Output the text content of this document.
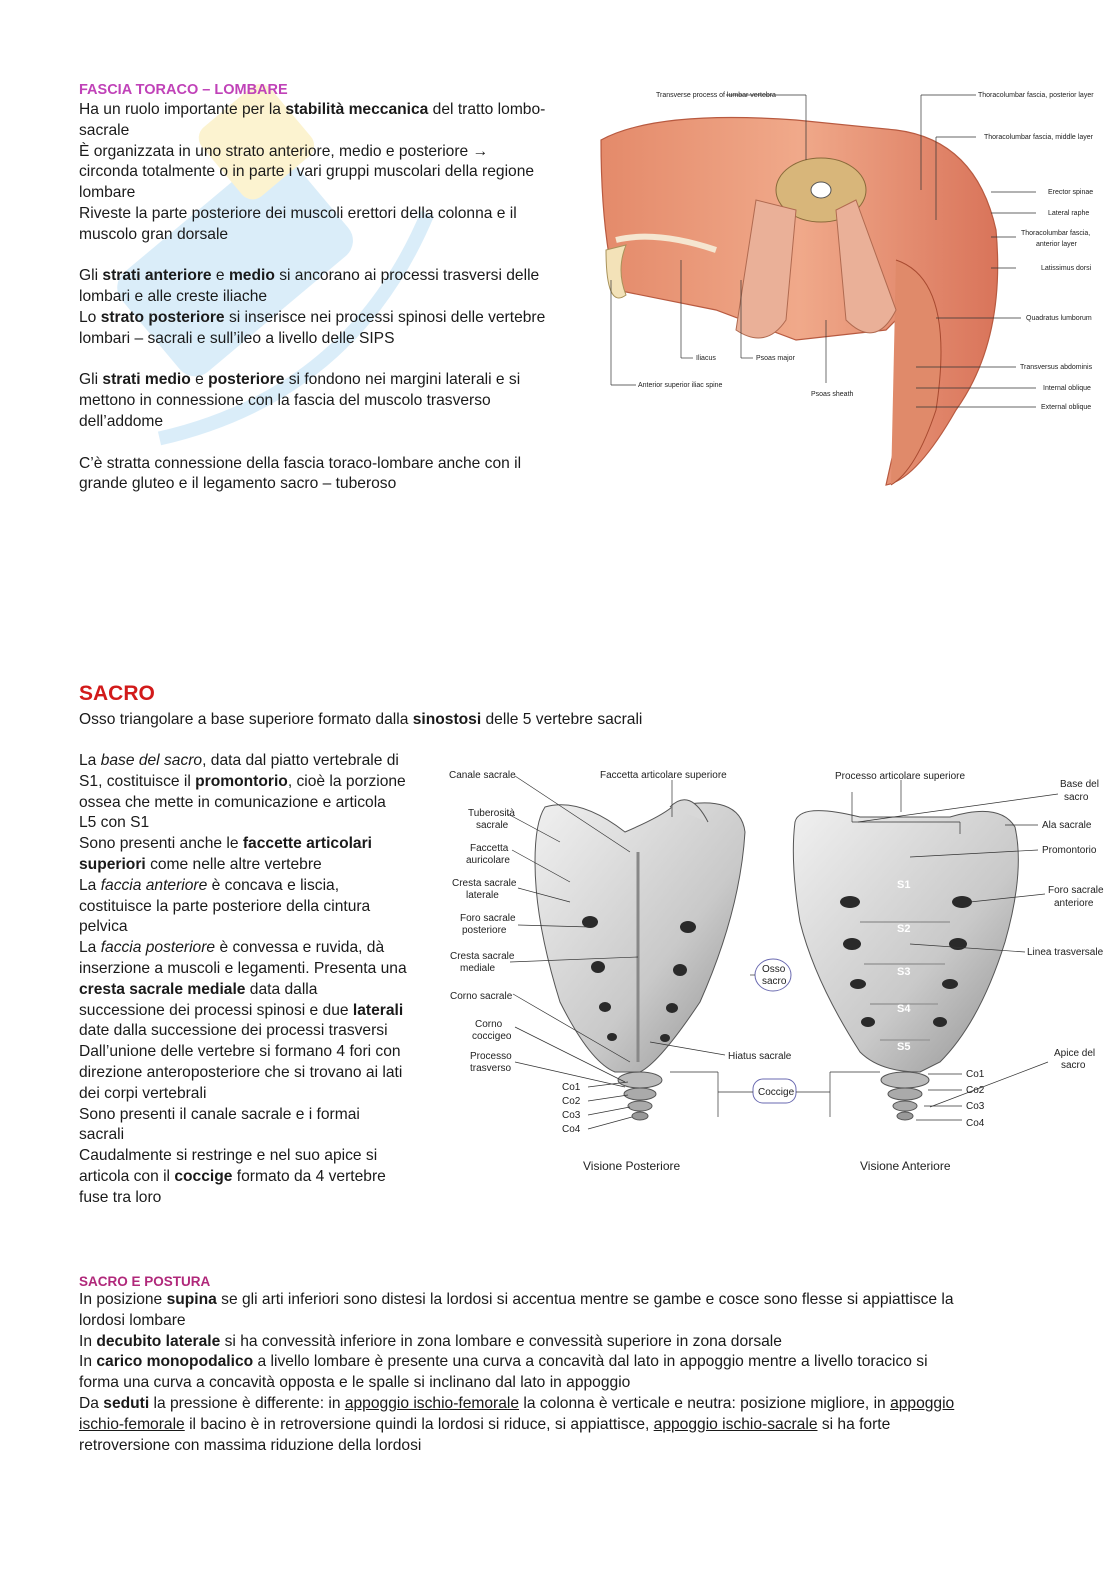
FASCIA TORACO – LOMBARE
Ha un ruolo importante per la stabilità meccanica del tratto lombo-
sacrale
È organizzata in uno strato anteriore, medio e posteriore →
circonda totalmente o in parte i vari gruppi muscolari della regione
lombare
Riveste la parte posteriore dei muscoli erettori della colonna e il
muscolo gran dorsale

Gli strati anteriore e medio si ancorano ai processi trasversi delle
lombari e alle creste iliache
Lo strato posteriore si inserisce nei processi spinosi delle vertebre
lombari – sacrali e sull’ileo a livello delle SIPS

Gli strati medio e posteriore si fondono nei margini laterali e si
mettono in connessione con la fascia del muscolo trasverso
dell’addome

C’è stratta connessione della fascia toraco-lombare anche con il
grande gluteo e il legamento sacro – tuberoso
Transverse process of lumbar vertebra	Thoracolumbar fascia, posterior layer
Thoracolumbar fascia, middle layer
Erector spinae
Lateral raphe
Thoracolumbar fascia,
anterior layer
Latissimus dorsi
Quadratus lumborum
Transversus abdominis
Internal oblique
External oblique
Iliacus	Psoas major
Anterior superior iliac spine
Psoas sheath
SACRO
Osso triangolare a base superiore formato dalla sinostosi delle 5 vertebre sacrali
La base del sacro, data dal piatto vertebrale di
S1, costituisce il promontorio, cioè la porzione
ossea che mette in comunicazione e articola
L5 con S1
Sono presenti anche le faccette articolari
superiori come nelle altre vertebre
La faccia anteriore è concava e liscia,
costituisce la parte posteriore della cintura
pelvica
La faccia posteriore è convessa e ruvida, dà
inserzione a muscoli e legamenti. Presenta una
cresta sacrale mediale data dalla
successione dei processi spinosi e due laterali
date dalla successione dei processi trasversi
Dall’unione delle vertebre si formano 4 fori con
direzione anteroposteriore che si trovano ai lati
dei corpi vertebrali
Sono presenti il canale sacrale e i formai
sacrali
Caudalmente si restringe e nel suo apice si
articola con il coccige formato da 4 vertebre
fuse tra loro
Canale sacrale
Tuberosità
sacrale
Faccetta
auricolare
Cresta sacrale
laterale
Foro sacrale
posteriore
Cresta sacrale
mediale
Corno sacrale
Corno
coccigeo
Processo
trasverso
Faccetta articolare superiore	Processo articolare superiore
Base del
sacro
Ala sacrale
Promontorio
Foro sacrale
anteriore
Linea trasversale
Apice del
sacro
Osso
sacro
Hiatus sacrale
Coccige
Co1
Co2
Co3
Co4
Co1
Co2
Co3
Co4
S1
S2
S3
S4
S5
Visione Posteriore	Visione Anteriore
SACRO E POSTURA
In posizione supina se gli arti inferiori sono distesi la lordosi si accentua mentre se gambe e cosce sono flesse si appiattisce la
lordosi lombare
In decubito laterale si ha convessità inferiore in zona lombare e convessità superiore in zona dorsale
In carico monopodalico a livello lombare è presente una curva a concavità dal lato in appoggio mentre a livello toracico si
forma una curva a concavità opposta e le spalle si inclinano dal lato in appoggio
Da seduti la pressione è differente: in appoggio ischio-femorale la colonna è verticale e neutra: posizione migliore, in appoggio
ischio-femorale il bacino è in retroversione quindi la lordosi si riduce, si appiattisce, appoggio ischio-sacrale si ha forte
retroversione con massima riduzione della lordosi
